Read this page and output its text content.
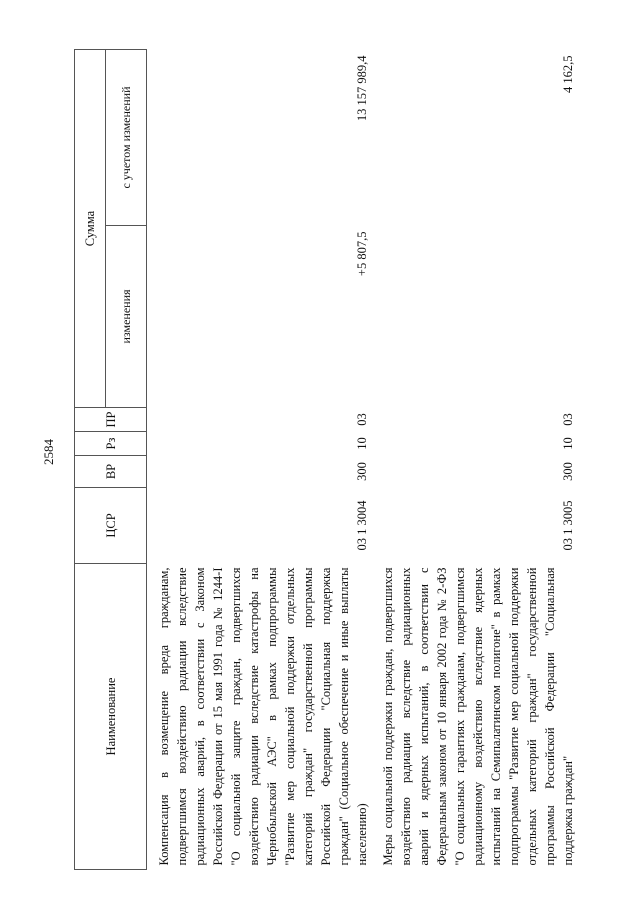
2584
Наименование	ЦСР	ВР	Рз	ПР	Сумма	
					изменения	с учетом изменений
Компенсация в возмещение вреда гражданам, подвергшимся воздействию радиации вследствие радиационных аварий, в соответствии с Законом Российской Федерации от 15 мая 1991 года № 1244-I "О социальной защите граждан, подвергшихся воздействию радиации вследствие катастрофы на Чернобыльской АЭС" в рамках подпрограммы "Развитие мер социальной поддержки отдельных категорий граждан" государственной программы Российской Федерации "Социальная поддержка граждан" (Социальное обеспечение и иные выплаты населению)	03 1 3004	300	10	03	+5 807,5	13 157 989,4
Меры социальной поддержки граждан, подвергшихся воздействию радиации вследствие радиационных аварий и ядерных испытаний, в соответствии с Федеральным законом от 10 января 2002 года № 2-ФЗ "О социальных гарантиях гражданам, подвергшимся радиационному воздействию вследствие ядерных испытаний на Семипалатинском полигоне" в рамках подпрограммы "Развитие мер социальной поддержки отдельных категорий граждан" государственной программы Российской Федерации "Социальная поддержка граждан"	03 1 3005	300	10	03		4 162,5
